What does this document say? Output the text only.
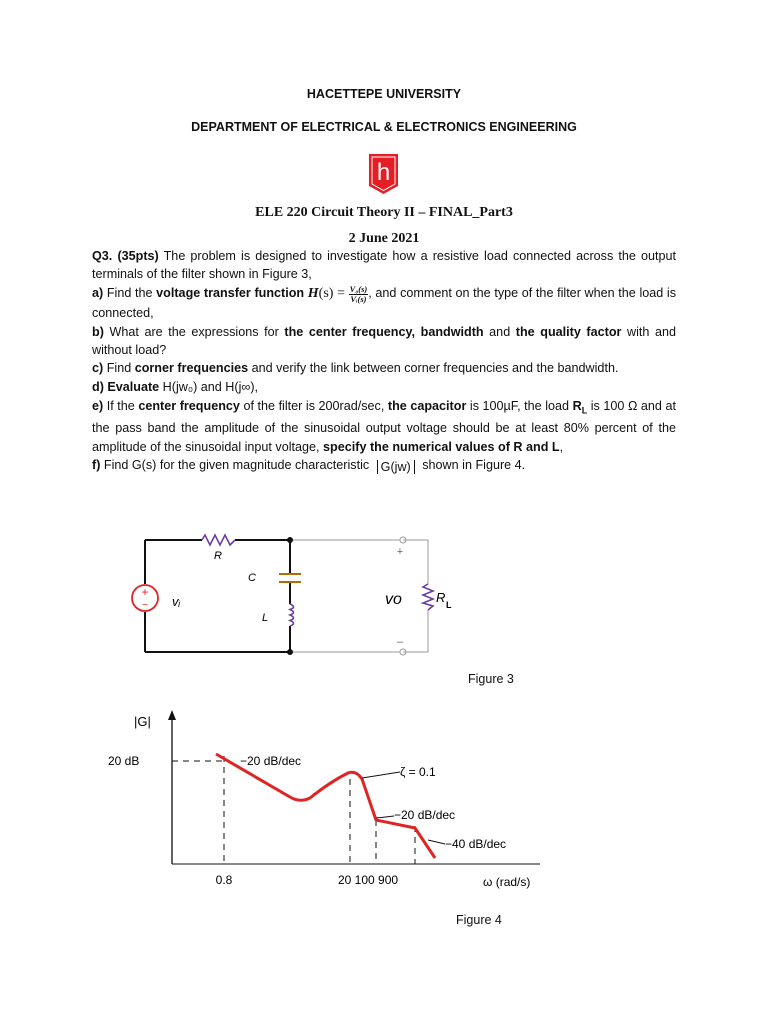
HACETTEPE UNIVERSITY
DEPARTMENT OF ELECTRICAL & ELECTRONICS ENGINEERING
h
ELE 220 Circuit Theory II – FINAL_Part3
2 June 2021

Q3. (35pts) The problem is designed to investigate how a resistive load connected across the output terminals of the filter shown in Figure 3,

a) Find the voltage transfer function $H(s) = \frac{\text{V₀(s)}}{\text{Vᵢ(s)}}$ , and comment on the type of the filter when the load is connected,

b) What are the expressions for the center frequency, bandwidth and the quality factor with and without load?

c) Find corner frequencies and verify the link between corner frequencies and the bandwidth.

d) Evaluate H(jw₀) and H(j∞),

e) If the center frequency of the filter is 200rad/sec, the capacitor is 100µF, the load $R_L$ is 100 Ω and at the pass band the amplitude of the sinusoidal output voltage should be at least 80% percent of the amplitude of the sinusoidal input voltage, specify the numerical values of R and L,

f) Find G(s) for the given magnitude characteristic G(jw) shown in Figure 4.

+
−
R
C
L
vᵢ	vo	R L
+
–
Figure 3
|G|
20 dB	−20 dB/dec
ζ = 0.1
−20 dB/dec
−40 dB/dec
0.8	20 100 900	ω (rad/s)
Figure 4
